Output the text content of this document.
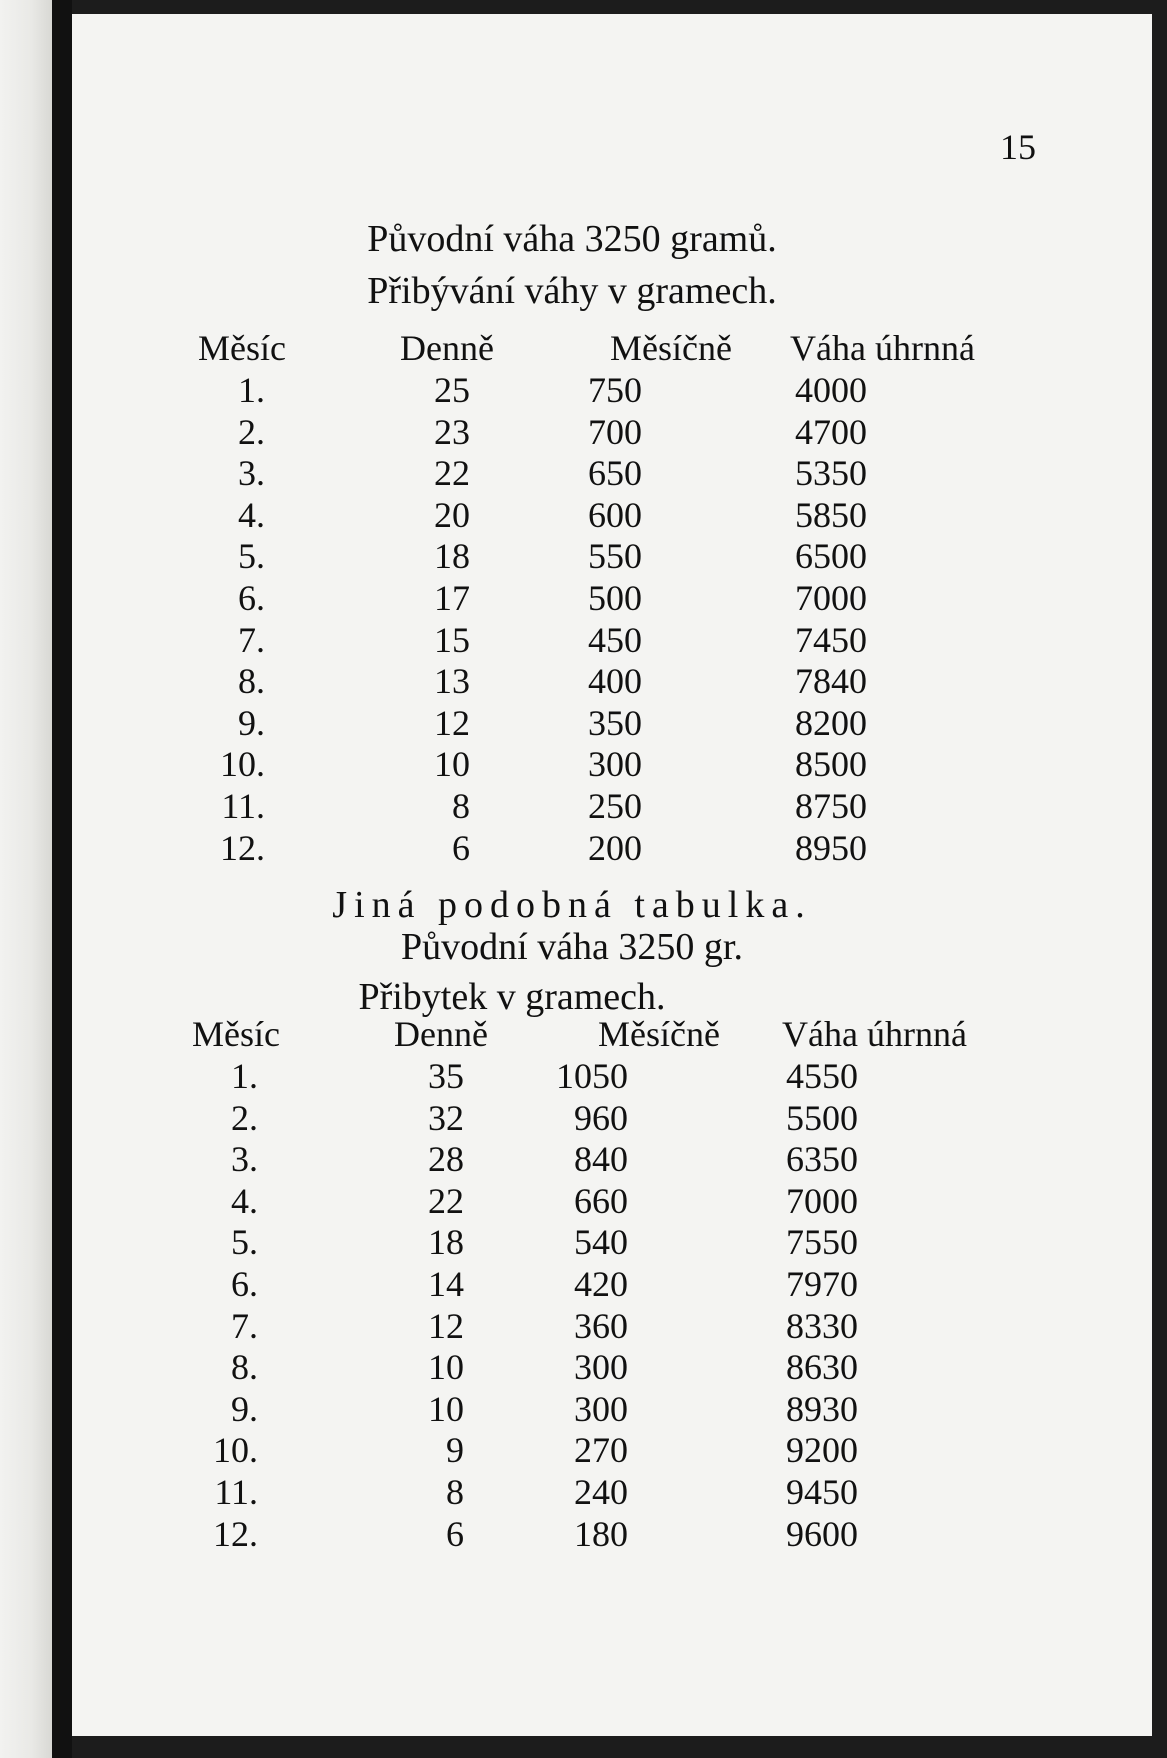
15
Původní váha 3250 gramů.
Přibývání váhy v gramech.
Měsíc	Denně	Měsíčně Váha úhrnná
1.	25	750	4000
2.	23	700	4700
3.	22	650	5350
4.	20	600	5850
5.	18	550	6500
6.	17	500	7000
7.	15	450	7450
8.	13	400	7840
9.	12	350	8200
10.	10	300	8500
11.	8	250	8750
12.	6	200	8950
Jiná podobná tabulka.
Původní váha 3250 gr.
Přibytek v gramech.
Měsíc	Denně	Měsíčně Váha úhrnná
1.	35	1050	4550
2.	32	960	5500
3.	28	840	6350
4.	22	660	7000
5.	18	540	7550
6.	14	420	7970
7.	12	360	8330
8.	10	300	8630
9.	10	300	8930
10.	9	270	9200
11.	8	240	9450
12.	6	180	9600
